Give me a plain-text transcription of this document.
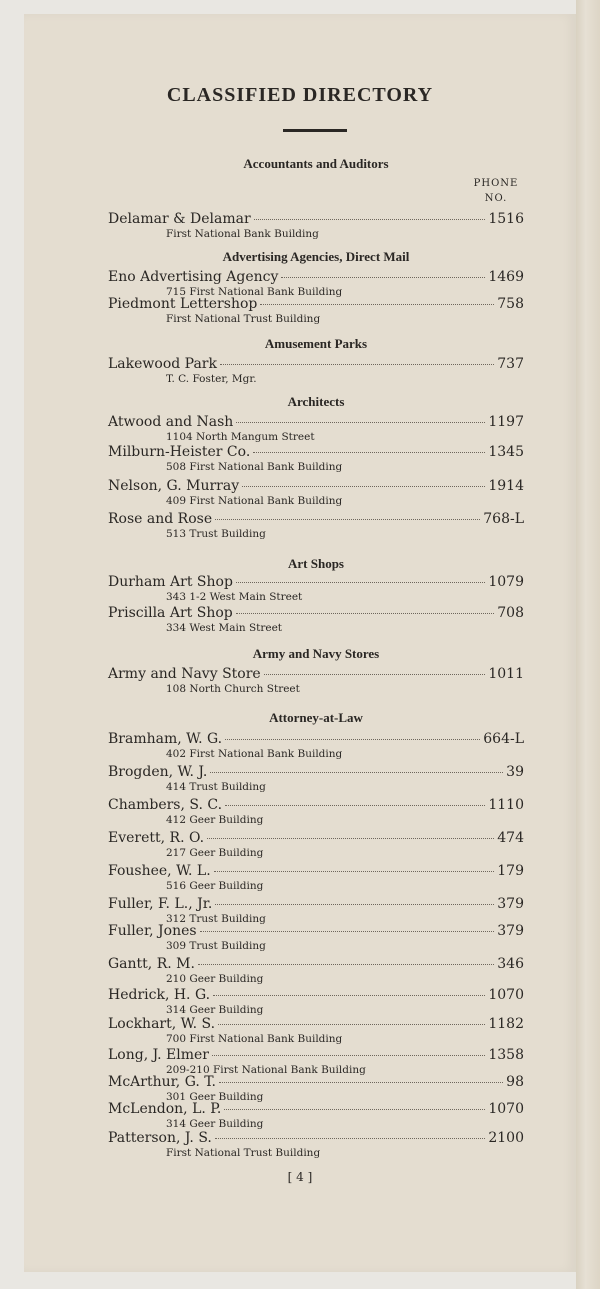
CLASSIFIED DIRECTORY
PHONE
NO.
Accountants and Auditors
Delamar & Delamar	1516
First National Bank Building
Advertising Agencies, Direct Mail
Eno Advertising Agency	1469
715 First National Bank Building
Piedmont Lettershop	758
First National Trust Building
Amusement Parks
Lakewood Park	737
T. C. Foster, Mgr.
Architects
Atwood and Nash	1197
1104 North Mangum Street
Milburn-Heister Co.	1345
508 First National Bank Building
Nelson, G. Murray	1914
409 First National Bank Building
Rose and Rose	768-L
513 Trust Building
Art Shops
Durham Art Shop	1079
343 1-2 West Main Street
Priscilla Art Shop	708
334 West Main Street
Army and Navy Stores
Army and Navy Store	1011
108 North Church Street
Attorney-at-Law
Bramham, W. G.	664-L
402 First National Bank Building
Brogden, W. J.	39
414 Trust Building
Chambers, S. C.	1110
412 Geer Building
Everett, R. O.	474
217 Geer Building
Foushee, W. L.	179
516 Geer Building
Fuller, F. L., Jr.	379
312 Trust Building
Fuller, Jones	379
309 Trust Building
Gantt, R. M.	346
210 Geer Building
Hedrick, H. G.	1070
314 Geer Building
Lockhart, W. S.	1182
700 First National Bank Building
Long, J. Elmer	1358
209-210 First National Bank Building
McArthur, G. T.	98
301 Geer Building
McLendon, L. P.	1070
314 Geer Building
Patterson, J. S.	2100
First National Trust Building
[ 4 ]
